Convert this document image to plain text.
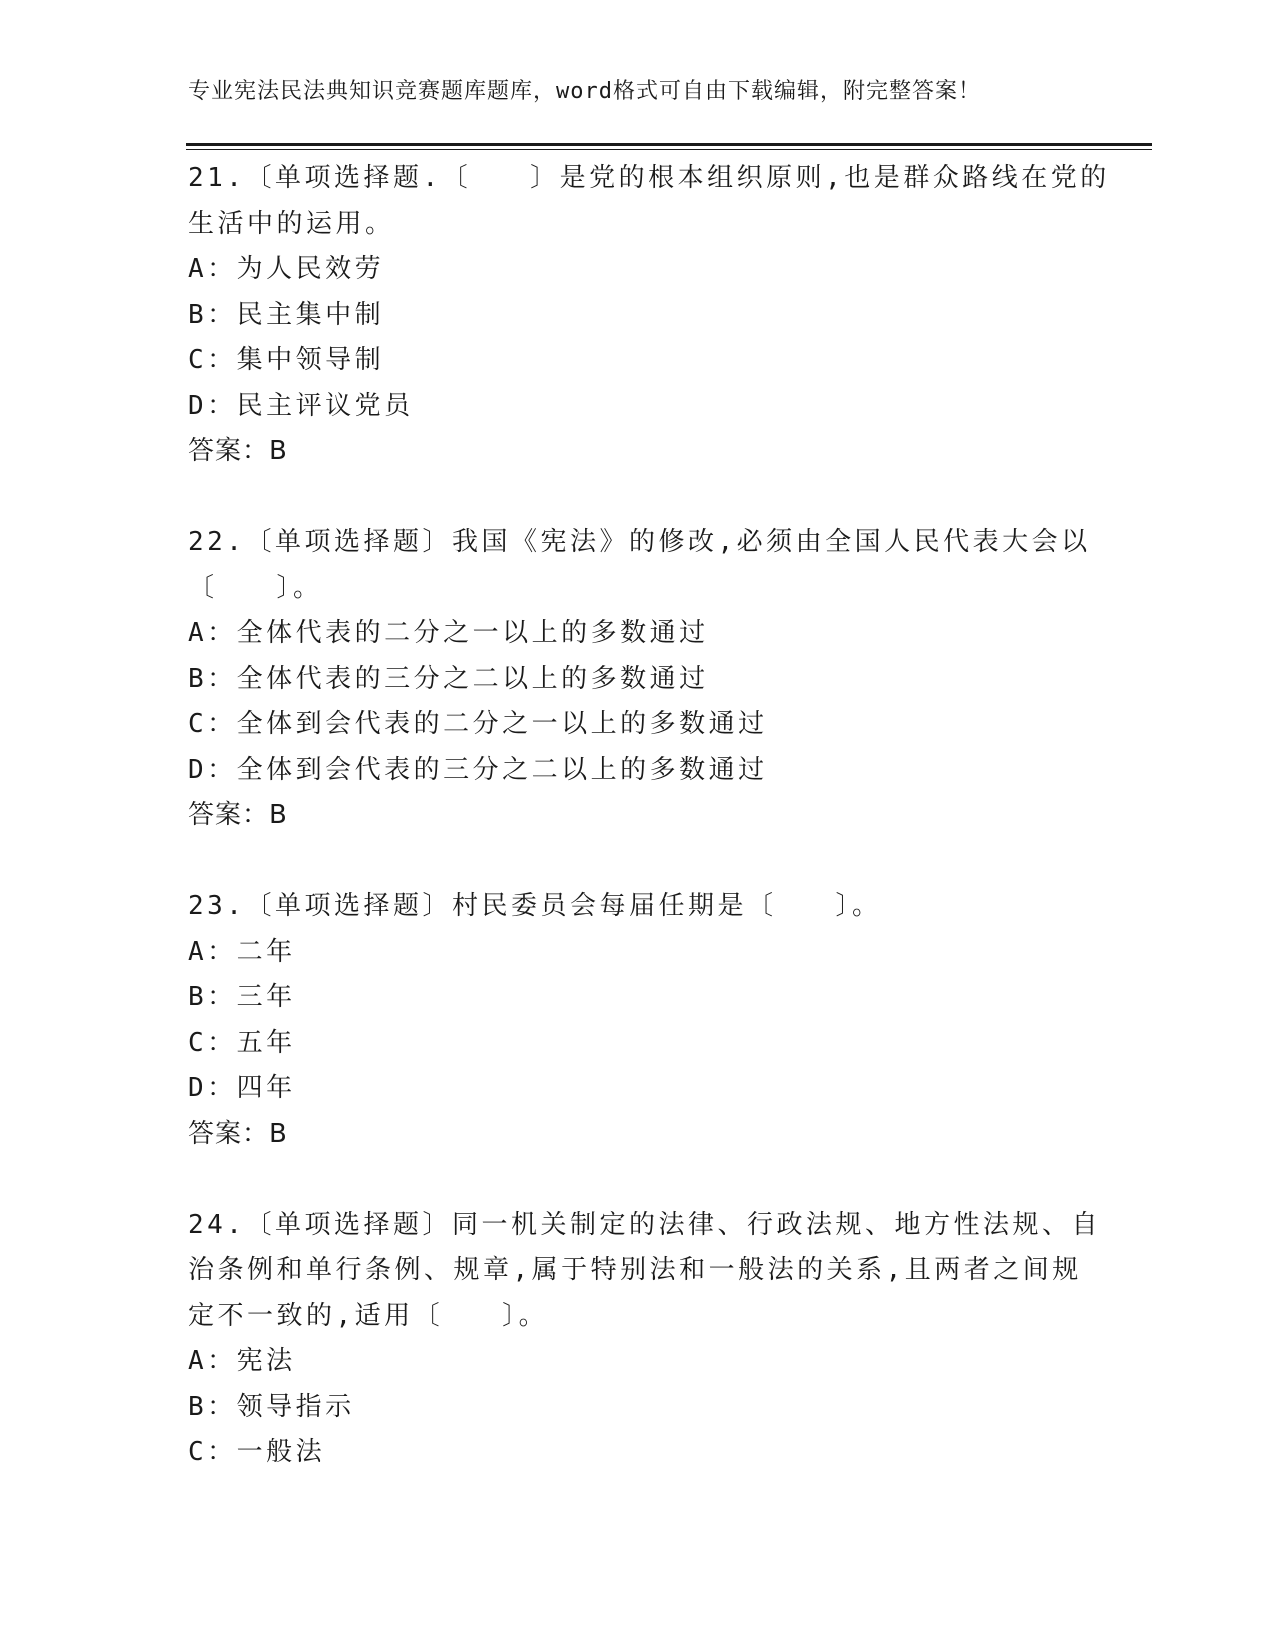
专业宪法民法典知识竞赛题库题库，word格式可自由下载编辑，附完整答案！
21.〔单项选择题.〔　　〕是党的根本组织原则,也是群众路线在党的
生活中的运用。
A：为人民效劳
B：民主集中制
C：集中领导制
D：民主评议党员
答案：B
22.〔单项选择题〕我国《宪法》的修改,必须由全国人民代表大会以
〔　　〕。
A：全体代表的二分之一以上的多数通过
B：全体代表的三分之二以上的多数通过
C：全体到会代表的二分之一以上的多数通过
D：全体到会代表的三分之二以上的多数通过
答案：B
23.〔单项选择题〕村民委员会每届任期是〔　　〕。
A：二年
B：三年
C：五年
D：四年
答案：B
24.〔单项选择题〕同一机关制定的法律、行政法规、地方性法规、自
治条例和单行条例、规章,属于特别法和一般法的关系,且两者之间规
定不一致的,适用〔　　〕。
A：宪法
B：领导指示
C：一般法
